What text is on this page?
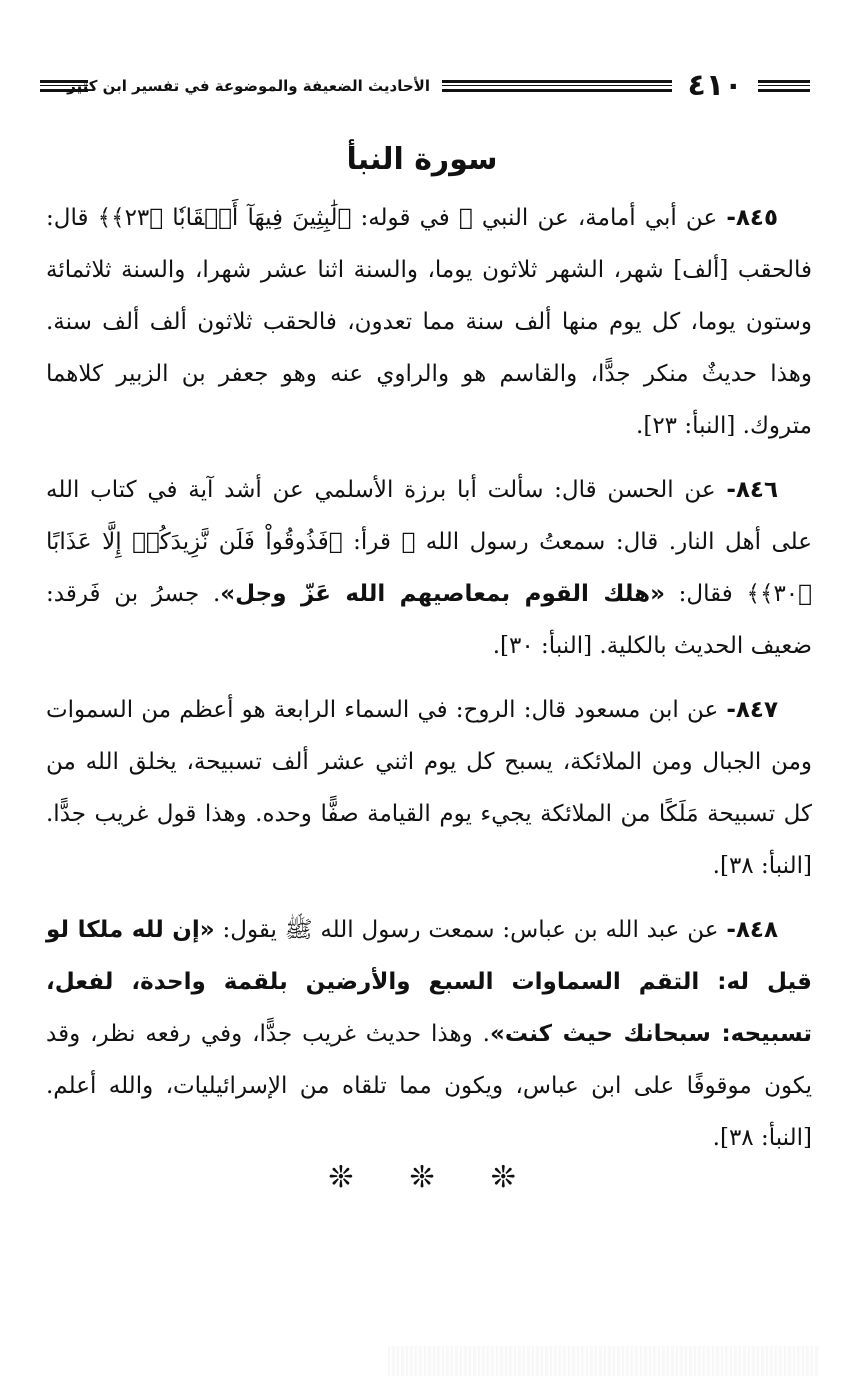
٤١٠
الأحاديث الضعيفة والموضوعة في تفسير ابن كثير
سورة النبأ

٨٤٥- عن أبي أمامة، عن النبي ﷺ في قوله: ﴿لَٰبِثِينَ فِيهَآ أَحۡقَابٗا ﴿٢٣﴾﴾ قال: فالحقب [ألف] شهر، الشهر ثلاثون يوما، والسنة اثنا عشر شهرا، والسنة ثلاثمائة وستون يوما، كل يوم منها ألف سنة مما تعدون، فالحقب ثلاثون ألف ألف سنة. وهذا حديثٌ منكر جدًّا، والقاسم هو والراوي عنه وهو جعفر بن الزبير كلاهما متروك. [النبأ: ٢٣].

٨٤٦- عن الحسن قال: سألت أبا برزة الأسلمي عن أشد آية في كتاب الله على أهل النار. قال: سمعتُ رسول الله ﷺ قرأ: ﴿فَذُوقُواْ فَلَن نَّزِيدَكُمۡ إِلَّا عَذَابًا ﴿٣٠﴾﴾ فقال: «هلك القوم بمعاصيهم الله عَزّ وجل». جسرُ بن فَرقد: ضعيف الحديث بالكلية. [النبأ: ٣٠].

٨٤٧- عن ابن مسعود قال: الروح: في السماء الرابعة هو أعظم من السموات ومن الجبال ومن الملائكة، يسبح كل يوم اثني عشر ألف تسبيحة، يخلق الله من كل تسبيحة مَلَكًا من الملائكة يجيء يوم القيامة صفًّا وحده. وهذا قول غريب جدًّا. [النبأ: ٣٨].

٨٤٨- عن عبد الله بن عباس: سمعت رسول الله ﷺ يقول: «إن لله ملكا لو قيل له: التقم السماوات السبع والأرضين بلقمة واحدة، لفعل، تسبيحه: سبحانك حيث كنت». وهذا حديث غريب جدًّا، وفي رفعه نظر، وقد يكون موقوفًا على ابن عباس، ويكون مما تلقاه من الإسرائيليات، والله أعلم. [النبأ: ٣٨].

❊ ❊ ❊
